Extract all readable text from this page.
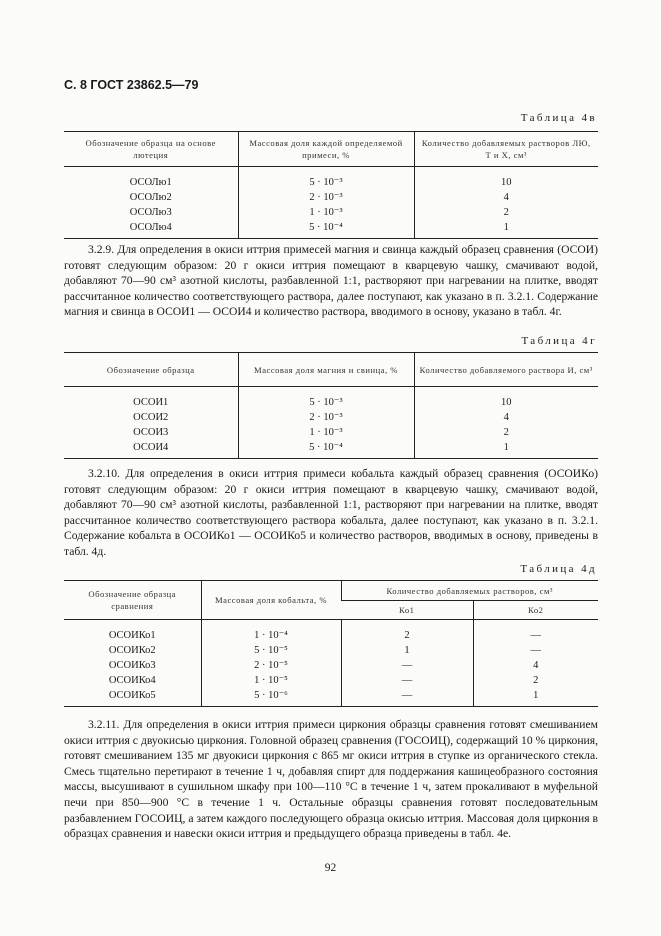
С. 8 ГОСТ 23862.5—79
Таблица 4в
Обозначение образца на основе лютеция	Массовая доля каждой определяемой примеси, %	Количество добавляемых растворов ЛЮ, Т и Х, см³
ОСОЛю1	5 · 10⁻³	10
ОСОЛю2	2 · 10⁻³	4
ОСОЛю3	1 · 10⁻³	2
ОСОЛю4	5 · 10⁻⁴	1

3.2.9. Для определения в окиси иттрия примесей магния и свинца каждый образец сравнения (ОСОИ) готовят следующим образом: 20 г окиси иттрия помещают в кварцевую чашку, смачивают водой, добавляют 70—90 см³ азотной кислоты, разбавленной 1:1, растворяют при нагревании на плитке, вводят рассчитанное количество соответствующего раствора, далее поступают, как указано в п. 3.2.1. Содержание магния и свинца в ОСОИ1 — ОСОИ4 и количество раствора, вводимого в основу, указано в табл. 4г.

Таблица 4г
Обозначение образца	Массовая доля магния и свинца, %	Количество добавляемого раствора И, см³
ОСОИ1	5 · 10⁻³	10
ОСОИ2	2 · 10⁻³	4
ОСОИ3	1 · 10⁻³	2
ОСОИ4	5 · 10⁻⁴	1

3.2.10. Для определения в окиси иттрия примеси кобальта каждый образец сравнения (ОСОИКо) готовят следующим образом: 20 г окиси иттрия помещают в кварцевую чашку, смачивают водой, добавляют 70—90 см³ азотной кислоты, разбавленной 1:1, растворяют при нагревании на плитке, вводят рассчитанное количество соответствующего раствора кобальта, далее поступают, как указано в п. 3.2.1. Содержание кобальта в ОСОИКо1 — ОСОИКо5 и количество растворов, вводимых в основу, приведены в табл. 4д.

Таблица 4д
Обозначение образца сравнения	Массовая доля кобальта, %	Количество добавляемых растворов, см³	
		Ко1	Ко2
ОСОИКо1	1 · 10⁻⁴	2	—
ОСОИКо2	5 · 10⁻⁵	1	—
ОСОИКо3	2 · 10⁻⁵	—	4
ОСОИКо4	1 · 10⁻⁵	—	2
ОСОИКо5	5 · 10⁻⁶	—	1

3.2.11. Для определения в окиси иттрия примеси циркония образцы сравнения готовят смешиванием окиси иттрия с двуокисью циркония. Головной образец сравнения (ГОСОИЦ), содержащий 10 % циркония, готовят смешиванием 135 мг двуокиси циркония с 865 мг окиси иттрия в ступке из органического стекла. Смесь тщательно перетирают в течение 1 ч, добавляя спирт для поддержания кашицеобразного состояния массы, высушивают в сушильном шкафу при 100—110 °С в течение 1 ч, затем прокаливают в муфельной печи при 850—900 °С в течение 1 ч. Остальные образцы сравнения готовят последовательным разбавлением ГОСОИЦ, а затем каждого последующего образца окисью иттрия. Массовая доля циркония в образцах сравнения и навески окиси иттрия и предыдущего образца приведены в табл. 4е.

92
